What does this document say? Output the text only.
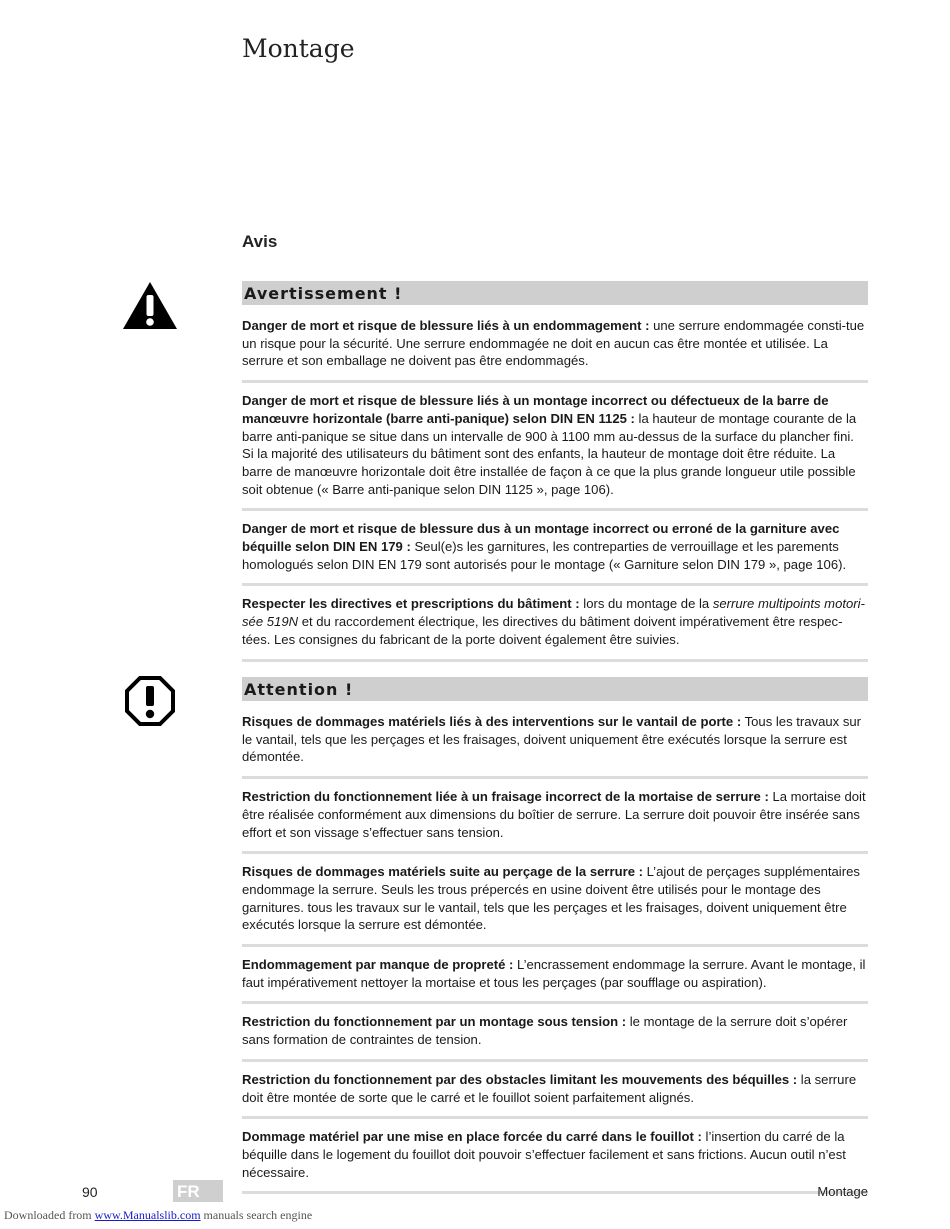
Montage
Avis
Avertissement !
Danger de mort et risque de blessure liés à un endommagement : une serrure endommagée consti-tue un risque pour la sécurité. Une serrure endommagée ne doit en aucun cas être montée et utilisée. La serrure et son emballage ne doivent pas être endommagés.
Danger de mort et risque de blessure liés à un montage incorrect ou défectueux de la barre de manœuvre horizontale (barre anti-panique) selon DIN EN 1125 : la hauteur de montage courante de la barre anti-panique se situe dans un intervalle de 900 à 1100 mm au-dessus de la surface du plancher fini. Si la majorité des utilisateurs du bâtiment sont des enfants, la hauteur de montage doit être réduite. La barre de manœuvre horizontale doit être installée de façon à ce que la plus grande longueur utile possible soit obtenue (« Barre anti-panique selon DIN 1125 », page 106).
Danger de mort et risque de blessure dus à un montage incorrect ou erroné de la garniture avec béquille selon DIN EN 179 : Seul(e)s les garnitures, les contreparties de verrouillage et les parements homologués selon DIN EN 179 sont autorisés pour le montage (« Garniture selon DIN 179 », page 106).
Respecter les directives et prescriptions du bâtiment : lors du montage de la serrure multipoints motori-sée 519N et du raccordement électrique, les directives du bâtiment doivent impérativement être respec-tées. Les consignes du fabricant de la porte doivent également être suivies.
Attention !
Risques de dommages matériels liés à des interventions sur le vantail de porte : Tous les travaux sur le vantail, tels que les perçages et les fraisages, doivent uniquement être exécutés lorsque la serrure est démontée.
Restriction du fonctionnement liée à un fraisage incorrect de la mortaise de serrure : La mortaise doit être réalisée conformément aux dimensions du boîtier de serrure. La serrure doit pouvoir être insérée sans effort et son vissage s’effectuer sans tension.
Risques de dommages matériels suite au perçage de la serrure : L’ajout de perçages supplémentaires endommage la serrure. Seuls les trous prépercés en usine doivent être utilisés pour le montage des garnitures. tous les travaux sur le vantail, tels que les perçages et les fraisages, doivent uniquement être exécutés lorsque la serrure est démontée.
Endommagement par manque de propreté : L’encrassement endommage la serrure. Avant le montage, il faut impérativement nettoyer la mortaise et tous les perçages (par soufflage ou aspiration).
Restriction du fonctionnement par un montage sous tension : le montage de la serrure doit s’opérer sans formation de contraintes de tension.
Restriction du fonctionnement par des obstacles limitant les mouvements des béquilles : la serrure doit être montée de sorte que le carré et le fouillot soient parfaitement alignés.
Dommage matériel par une mise en place forcée du carré dans le fouillot : l’insertion du carré de la béquille dans le logement du fouillot doit pouvoir s’effectuer facilement et sans frictions. Aucun outil n’est nécessaire.
90	FR	Montage
Downloaded from www.Manualslib.com manuals search engine
